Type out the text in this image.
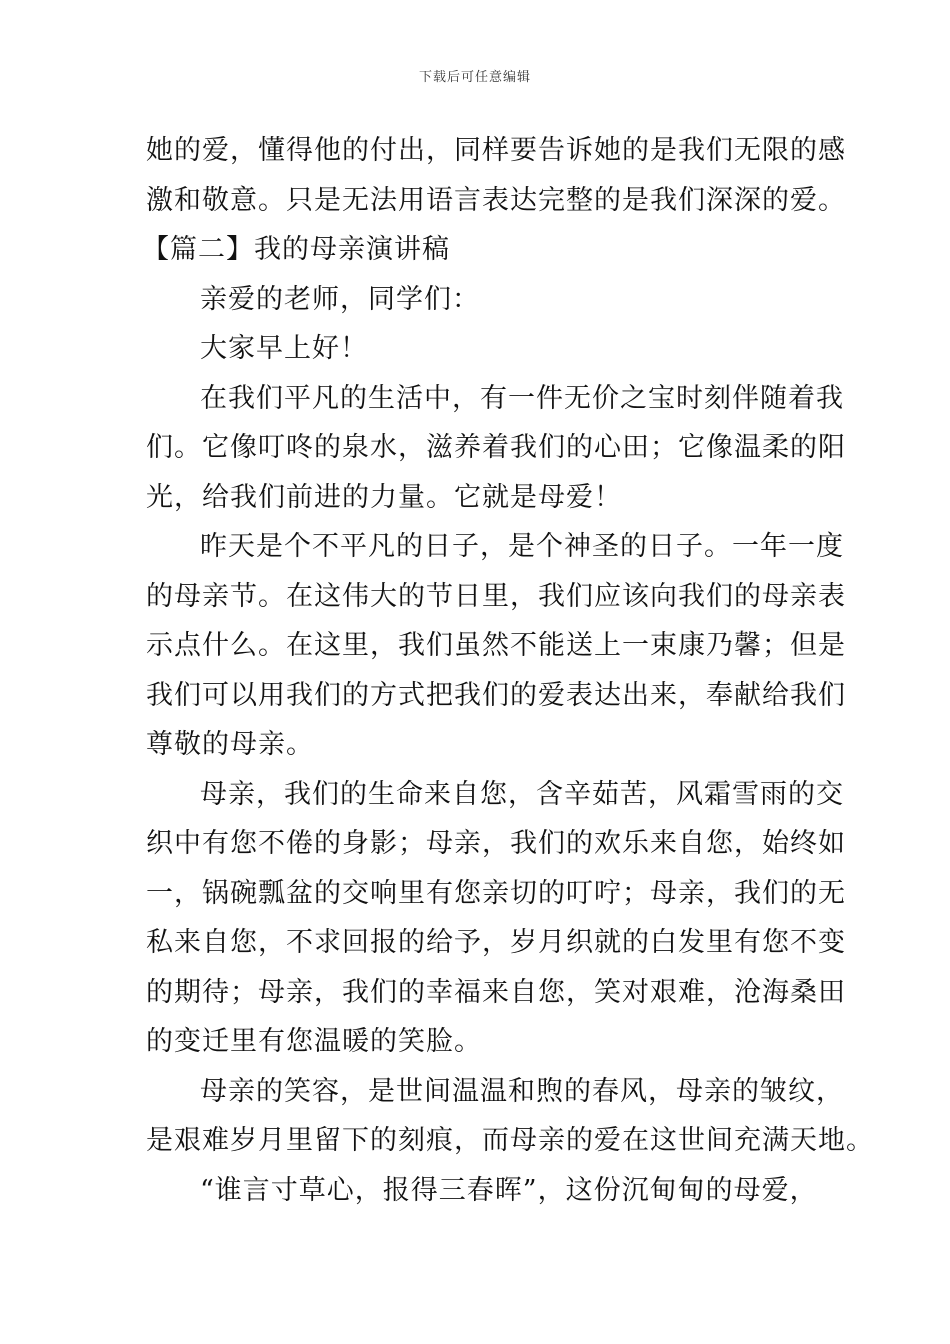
下载后可任意编辑
她的爱，懂得他的付出，同样要告诉她的是我们无限的感
激和敬意。只是无法用语言表达完整的是我们深深的爱。
【篇二】我的母亲演讲稿
亲爱的老师，同学们：
大家早上好！
在我们平凡的生活中，有一件无价之宝时刻伴随着我
们。它像叮咚的泉水，滋养着我们的心田；它像温柔的阳
光，给我们前进的力量。它就是母爱！
昨天是个不平凡的日子，是个神圣的日子。一年一度
的母亲节。在这伟大的节日里，我们应该向我们的母亲表
示点什么。在这里，我们虽然不能送上一束康乃馨；但是
我们可以用我们的方式把我们的爱表达出来，奉献给我们
尊敬的母亲。
母亲，我们的生命来自您，含辛茹苦，风霜雪雨的交
织中有您不倦的身影；母亲，我们的欢乐来自您，始终如
一，锅碗瓢盆的交响里有您亲切的叮咛；母亲，我们的无
私来自您，不求回报的给予，岁月织就的白发里有您不变
的期待；母亲，我们的幸福来自您，笑对艰难，沧海桑田
的变迁里有您温暖的笑脸。
母亲的笑容，是世间温温和煦的春风，母亲的皱纹，
是艰难岁月里留下的刻痕，而母亲的爱在这世间充满天地。
“谁言寸草心，报得三春晖”，这份沉甸甸的母爱，
